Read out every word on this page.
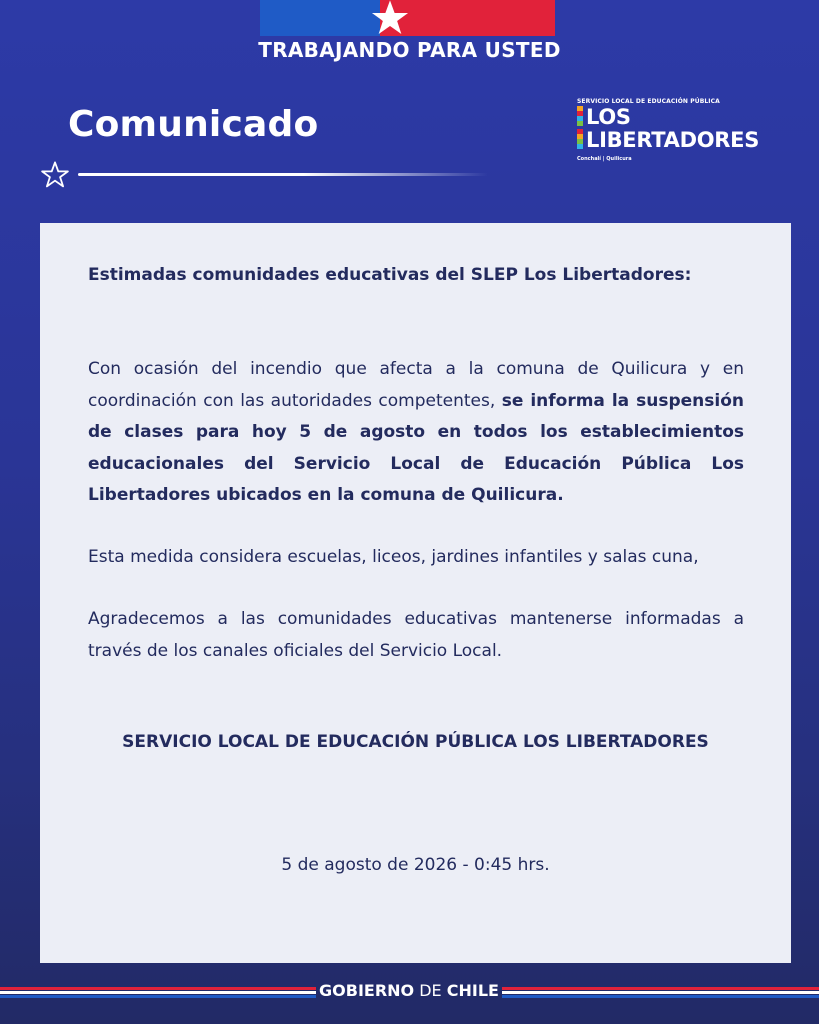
TRABAJANDO PARA USTED
Comunicado
SERVICIO LOCAL DE EDUCACIÓN PÚBLICA
LOS
LIBERTADORES
Conchalí | Quilicura
Estimadas comunidades educativas del SLEP Los Libertadores:
Con ocasión del incendio que afecta a la comuna de Quilicura y en coordinación con las autoridades competentes, se informa la suspensión de clases para hoy 5 de agosto en todos los establecimientos educacionales del Servicio Local de Educación Pública Los Libertadores ubicados en la comuna de Quilicura.
Esta medida considera escuelas, liceos, jardines infantiles y salas cuna,
Agradecemos a las comunidades educativas mantenerse informadas a través de los canales oficiales del Servicio Local.
SERVICIO LOCAL DE EDUCACIÓN PÚBLICA LOS LIBERTADORES
5 de agosto de 2026 - 0:45 hrs.
GOBIERNO DE CHILE
